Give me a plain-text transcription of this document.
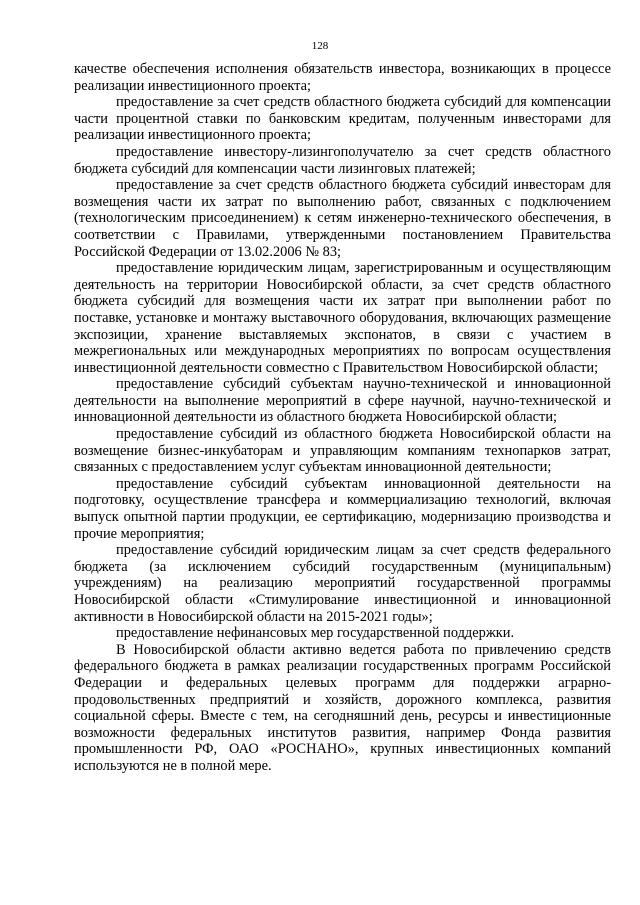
128

качестве обеспечения исполнения обязательств инвестора, возникающих в процессе реализации инвестиционного проекта;

предоставление за счет средств областного бюджета субсидий для компенсации части процентной ставки по банковским кредитам, полученным инвесторами для реализации инвестиционного проекта;

предоставление инвестору-лизингополучателю за счет средств областного бюджета субсидий для компенсации части лизинговых платежей;

предоставление за счет средств областного бюджета субсидий инвесторам для возмещения части их затрат по выполнению работ, связанных с подключением (технологическим присоединением) к сетям инженерно-технического обеспечения, в соответствии с Правилами, утвержденными постановлением Правительства Российской Федерации от 13.02.2006 № 83;

предоставление юридическим лицам, зарегистрированным и осуществляющим деятельность на территории Новосибирской области, за счет средств областного бюджета субсидий для возмещения части их затрат при выполнении работ по поставке, установке и монтажу выставочного оборудования, включающих размещение экспозиции, хранение выставляемых экспонатов, в связи с участием в межрегиональных или международных мероприятиях по вопросам осуществления инвестиционной деятельности совместно с Правительством Новосибирской области;

предоставление субсидий субъектам научно-технической и инновационной деятельности на выполнение мероприятий в сфере научной, научно-технической и инновационной деятельности из областного бюджета Новосибирской области;

предоставление субсидий из областного бюджета Новосибирской области на возмещение бизнес-инкубаторам и управляющим компаниям технопарков затрат, связанных с предоставлением услуг субъектам инновационной деятельности;

предоставление субсидий субъектам инновационной деятельности на подготовку, осуществление трансфера и коммерциализацию технологий, включая выпуск опытной партии продукции, ее сертификацию, модернизацию производства и прочие мероприятия;

предоставление субсидий юридическим лицам за счет средств федерального бюджета (за исключением субсидий государственным (муниципальным) учреждениям) на реализацию мероприятий государственной программы Новосибирской области «Стимулирование инвестиционной и инновационной активности в Новосибирской области на 2015-2021 годы»;

предоставление нефинансовых мер государственной поддержки.

В Новосибирской области активно ведется работа по привлечению средств федерального бюджета в рамках реализации государственных программ Российской Федерации и федеральных целевых программ для поддержки аграрно-продовольственных предприятий и хозяйств, дорожного комплекса, развития социальной сферы. Вместе с тем, на сегодняшний день, ресурсы и инвестиционные возможности федеральных институтов развития, например Фонда развития промышленности РФ, ОАО «РОСНАНО», крупных инвестиционных компаний используются не в полной мере.
